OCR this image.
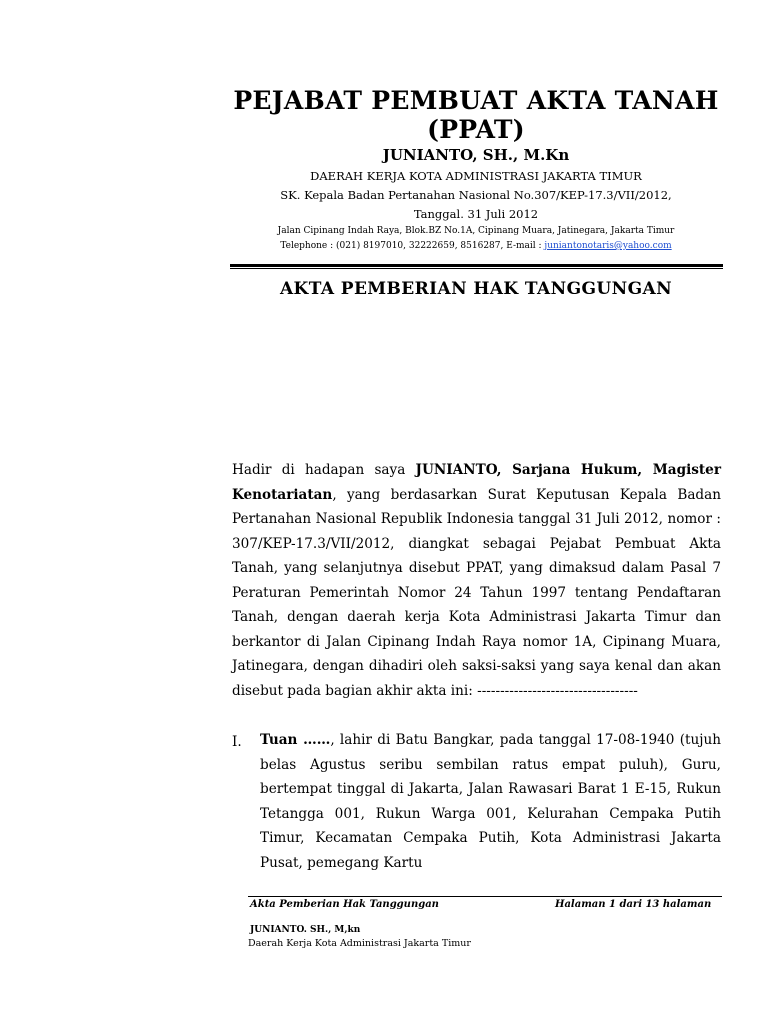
PEJABAT PEMBUAT AKTA TANAH (PPAT)
JUNIANTO, SH., M.Kn
DAERAH KERJA KOTA ADMINISTRASI JAKARTA TIMUR
SK. Kepala Badan Pertanahan Nasional No.307/KEP-17.3/VII/2012,
Tanggal. 31 Juli 2012
Jalan Cipinang Indah Raya, Blok.BZ No.1A, Cipinang Muara, Jatinegara, Jakarta Timur
Telephone : (021) 8197010, 32222659, 8516287, E-mail : juniantonotaris@yahoo.com
AKTA PEMBERIAN HAK TANGGUNGAN
Hadir di hadapan saya JUNIANTO, Sarjana Hukum, Magister Kenotariatan, yang berdasarkan Surat Keputusan Kepala Badan Pertanahan Nasional Republik Indonesia tanggal 31 Juli 2012, nomor : 307/KEP-17.3/VII/2012, diangkat sebagai Pejabat Pembuat Akta Tanah, yang selanjutnya disebut PPAT, yang dimaksud dalam Pasal 7 Peraturan Pemerintah Nomor 24 Tahun 1997 tentang Pendaftaran Tanah, dengan daerah kerja Kota Administrasi Jakarta Timur dan berkantor di Jalan Cipinang Indah Raya nomor 1A, Cipinang Muara, Jatinegara, dengan dihadiri oleh saksi-saksi yang saya kenal dan akan disebut pada bagian akhir akta ini: -----------------------------------
I. Tuan ……, lahir di Batu Bangkar, pada tanggal 17-08-1940 (tujuh belas Agustus seribu sembilan ratus empat puluh), Guru, bertempat tinggal di Jakarta, Jalan Rawasari Barat 1 E-15, Rukun Tetangga 001, Rukun Warga 001, Kelurahan Cempaka Putih Timur, Kecamatan Cempaka Putih, Kota Administrasi Jakarta Pusat, pemegang Kartu
Akta Pemberian Hak Tanggungan	Halaman 1 dari 13 halaman
JUNIANTO. SH., M,kn
Daerah Kerja Kota Administrasi Jakarta Timur
